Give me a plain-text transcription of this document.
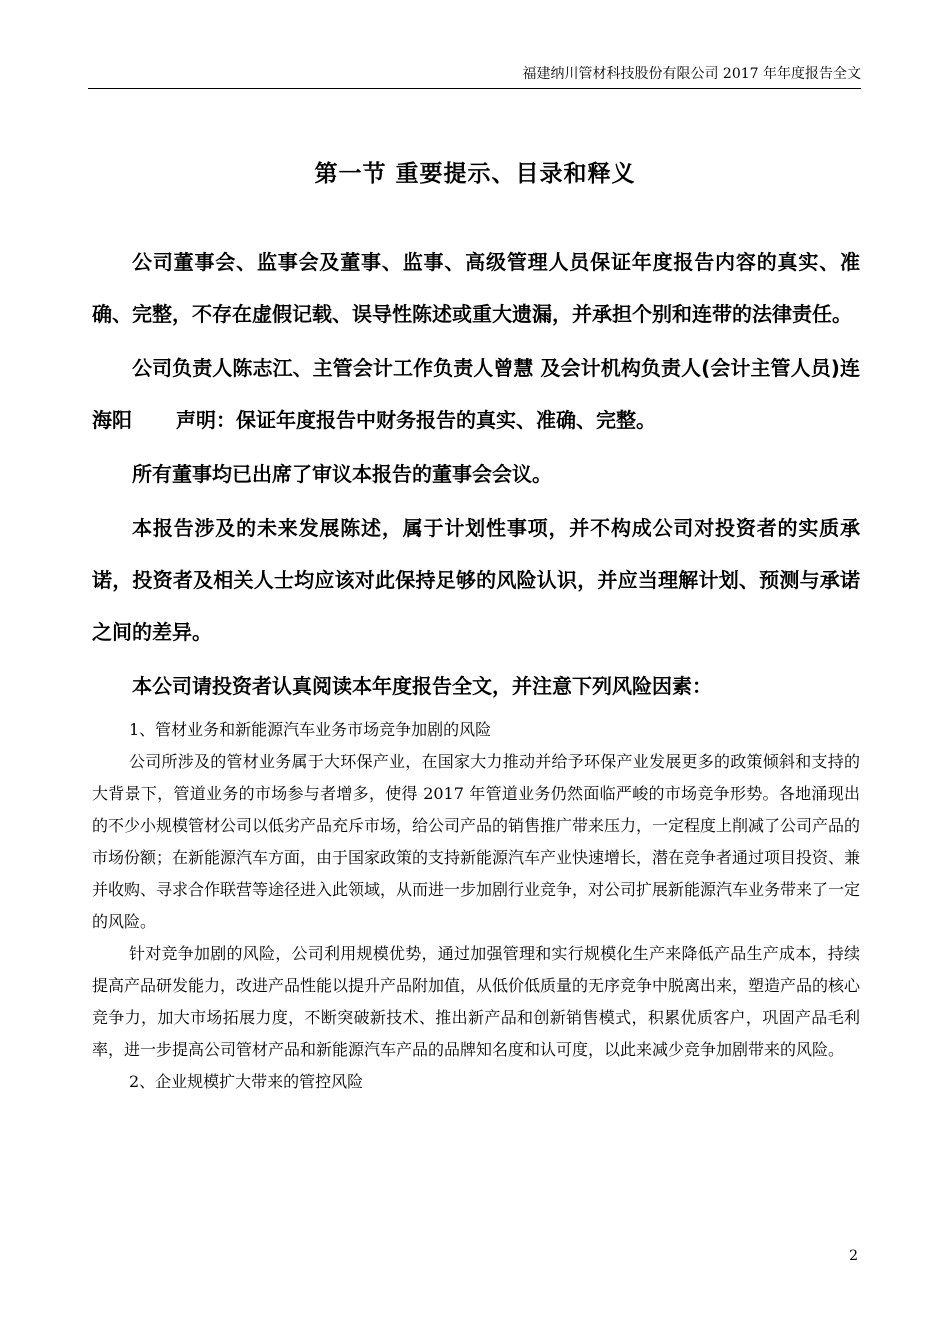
福建纳川管材科技股份有限公司 2017 年年度报告全文
第一节 重要提示、目录和释义

公司董事会、监事会及董事、监事、高级管理人员保证年度报告内容的真实、准确、完整，不存在虚假记载、误导性陈述或重大遗漏，并承担个别和连带的法律责任。

公司负责人陈志江、主管会计工作负责人曾慧 及会计机构负责人(会计主管人员)连海阳 声明：保证年度报告中财务报告的真实、准确、完整。

所有董事均已出席了审议本报告的董事会会议。

本报告涉及的未来发展陈述，属于计划性事项，并不构成公司对投资者的实质承诺，投资者及相关人士均应该对此保持足够的风险认识，并应当理解计划、预测与承诺之间的差异。

本公司请投资者认真阅读本年度报告全文，并注意下列风险因素：

1、管材业务和新能源汽车业务市场竞争加剧的风险

公司所涉及的管材业务属于大环保产业，在国家大力推动并给予环保产业发展更多的政策倾斜和支持的大背景下，管道业务的市场参与者增多，使得 2017 年管道业务仍然面临严峻的市场竞争形势。各地涌现出的不少小规模管材公司以低劣产品充斥市场，给公司产品的销售推广带来压力，一定程度上削减了公司产品的市场份额；在新能源汽车方面，由于国家政策的支持新能源汽车产业快速增长，潜在竞争者通过项目投资、兼并收购、寻求合作联营等途径进入此领域，从而进一步加剧行业竞争，对公司扩展新能源汽车业务带来了一定的风险。

针对竞争加剧的风险，公司利用规模优势，通过加强管理和实行规模化生产来降低产品生产成本，持续提高产品研发能力，改进产品性能以提升产品附加值，从低价低质量的无序竞争中脱离出来，塑造产品的核心竞争力，加大市场拓展力度，不断突破新技术、推出新产品和创新销售模式，积累优质客户，巩固产品毛利率，进一步提高公司管材产品和新能源汽车产品的品牌知名度和认可度，以此来减少竞争加剧带来的风险。

2、企业规模扩大带来的管控风险

2
